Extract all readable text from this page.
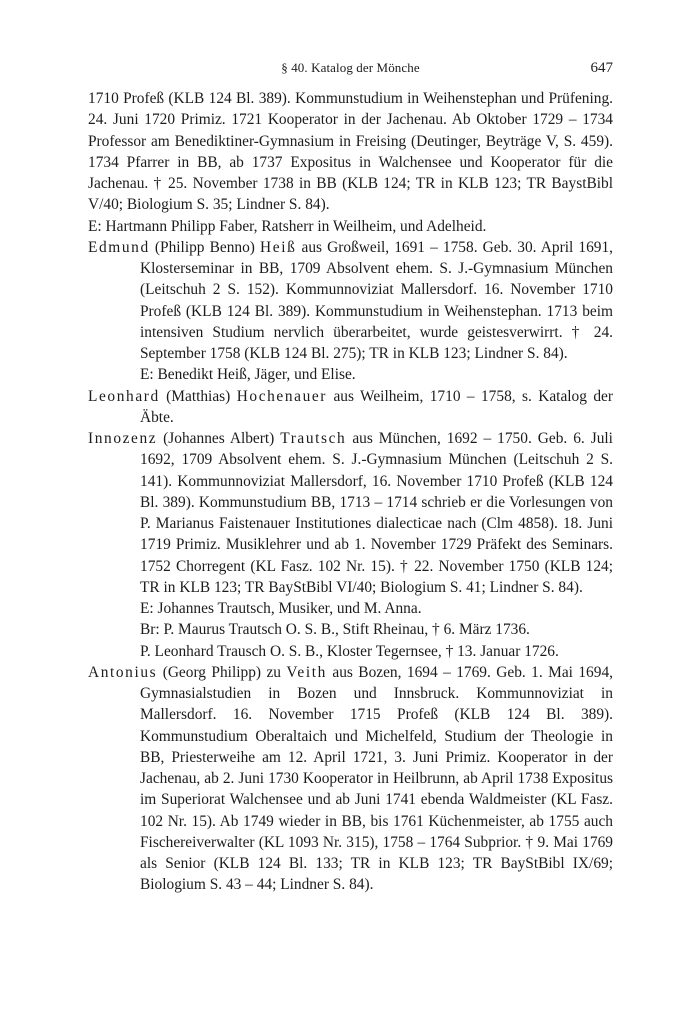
§ 40. Katalog der Mönche	647

1710 Profeß (KLB 124 Bl. 389). Kommunstudium in Weihenstephan und Prüfening. 24. Juni 1720 Primiz. 1721 Kooperator in der Jachenau. Ab Oktober 1729 – 1734 Professor am Benediktiner-Gymnasium in Freising (Deutinger, Beyträge V, S. 459). 1734 Pfarrer in BB, ab 1737 Expositus in Walchensee und Kooperator für die Jachenau. † 25. November 1738 in BB (KLB 124; TR in KLB 123; TR BaystBibl V/40; Biologium S. 35; Lindner S. 84).

E: Hartmann Philipp Faber, Ratsherr in Weilheim, und Adelheid.

Edmund (Philipp Benno) Heiß aus Großweil, 1691 – 1758. Geb. 30. April 1691, Klosterseminar in BB, 1709 Absolvent ehem. S. J.-Gymnasium München (Leitschuh 2 S. 152). Kommunnoviziat Mallersdorf. 16. November 1710 Profeß (KLB 124 Bl. 389). Kommunstudium in Weihenstephan. 1713 beim intensiven Studium nervlich überarbeitet, wurde geistesverwirrt. † 24. September 1758 (KLB 124 Bl. 275); TR in KLB 123; Lindner S. 84).

E: Benedikt Heiß, Jäger, und Elise.

Leonhard (Matthias) Hochenauer aus Weilheim, 1710 – 1758, s. Katalog der Äbte.

Innozenz (Johannes Albert) Trautsch aus München, 1692 – 1750. Geb. 6. Juli 1692, 1709 Absolvent ehem. S. J.-Gymnasium München (Leitschuh 2 S. 141). Kommunnoviziat Mallersdorf, 16. November 1710 Profeß (KLB 124 Bl. 389). Kommunstudium BB, 1713 – 1714 schrieb er die Vorlesungen von P. Marianus Faistenauer Institutiones dialecticae nach (Clm 4858). 18. Juni 1719 Primiz. Musiklehrer und ab 1. November 1729 Präfekt des Seminars. 1752 Chorregent (KL Fasz. 102 Nr. 15). † 22. November 1750 (KLB 124; TR in KLB 123; TR BayStBibl VI/40; Biologium S. 41; Lindner S. 84).

E: Johannes Trautsch, Musiker, und M. Anna.

Br: P. Maurus Trautsch O. S. B., Stift Rheinau, † 6. März 1736.

P. Leonhard Trausch O. S. B., Kloster Tegernsee, † 13. Januar 1726.

Antonius (Georg Philipp) zu Veith aus Bozen, 1694 – 1769. Geb. 1. Mai 1694, Gymnasialstudien in Bozen und Innsbruck. Kommunnoviziat in Mallersdorf. 16. November 1715 Profeß (KLB 124 Bl. 389). Kommunstudium Oberaltaich und Michelfeld, Studium der Theologie in BB, Priesterweihe am 12. April 1721, 3. Juni Primiz. Kooperator in der Jachenau, ab 2. Juni 1730 Kooperator in Heilbrunn, ab April 1738 Expositus im Superiorat Walchensee und ab Juni 1741 ebenda Waldmeister (KL Fasz. 102 Nr. 15). Ab 1749 wieder in BB, bis 1761 Küchenmeister, ab 1755 auch Fischereiverwalter (KL 1093 Nr. 315), 1758 – 1764 Subprior. † 9. Mai 1769 als Senior (KLB 124 Bl. 133; TR in KLB 123; TR BayStBibl IX/69; Biologium S. 43 – 44; Lindner S. 84).
